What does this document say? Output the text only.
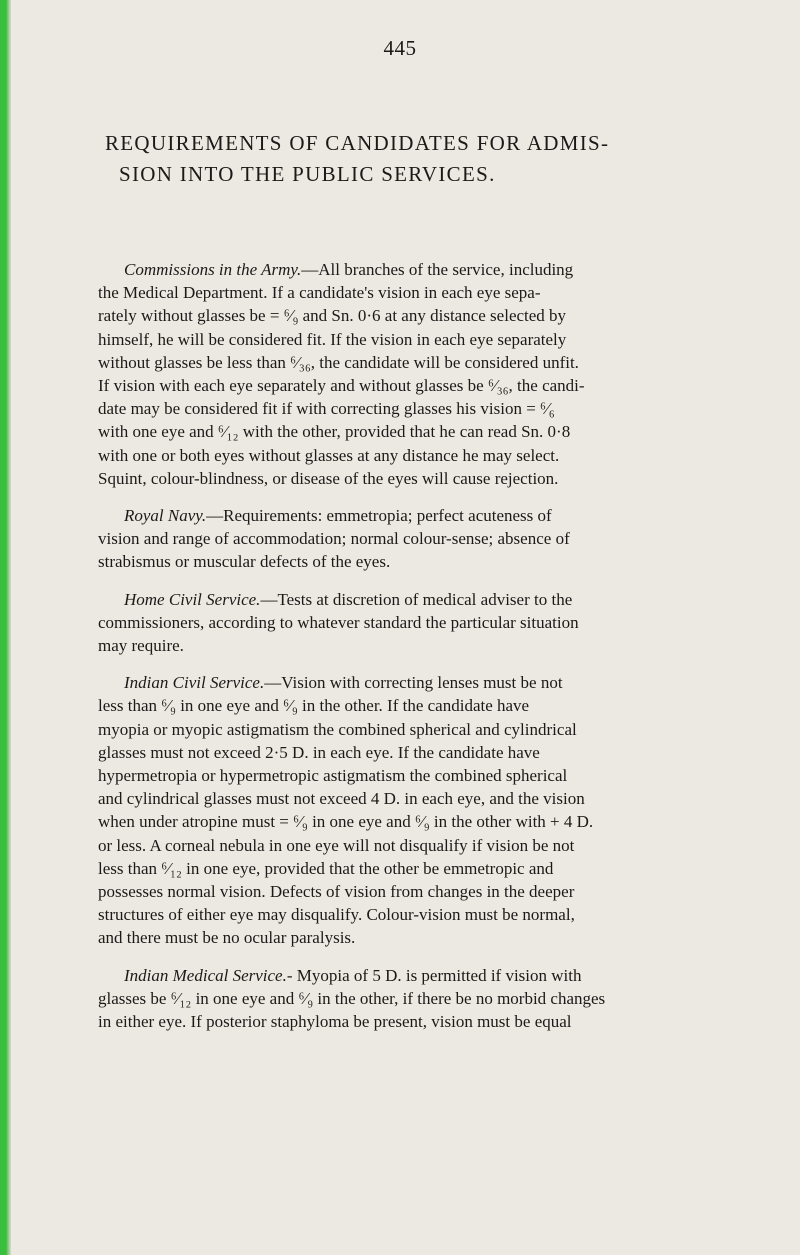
445
REQUIREMENTS OF CANDIDATES FOR ADMIS-
SION INTO THE PUBLIC SERVICES.
Commissions in the Army.—All branches of the service, including
the Medical Department. If a candidate's vision in each eye sepa-
rately without glasses be = ⁶⁄₉ and Sn. 0·6 at any distance selected by
himself, he will be considered fit. If the vision in each eye separately
without glasses be less than ⁶⁄₃₆, the candidate will be considered unfit.
If vision with each eye separately and without glasses be ⁶⁄₃₆, the candi-
date may be considered fit if with correcting glasses his vision = ⁶⁄₆
with one eye and ⁶⁄₁₂ with the other, provided that he can read Sn. 0·8
with one or both eyes without glasses at any distance he may select.
Squint, colour-blindness, or disease of the eyes will cause rejection.
Royal Navy.—Requirements: emmetropia; perfect acuteness of
vision and range of accommodation; normal colour-sense; absence of
strabismus or muscular defects of the eyes.
Home Civil Service.—Tests at discretion of medical adviser to the
commissioners, according to whatever standard the particular situation
may require.
Indian Civil Service.—Vision with correcting lenses must be not
less than ⁶⁄₉ in one eye and ⁶⁄₉ in the other. If the candidate have
myopia or myopic astigmatism the combined spherical and cylindrical
glasses must not exceed 2·5 D. in each eye. If the candidate have
hypermetropia or hypermetropic astigmatism the combined spherical
and cylindrical glasses must not exceed 4 D. in each eye, and the vision
when under atropine must = ⁶⁄₉ in one eye and ⁶⁄₉ in the other with + 4 D.
or less. A corneal nebula in one eye will not disqualify if vision be not
less than ⁶⁄₁₂ in one eye, provided that the other be emmetropic and
possesses normal vision. Defects of vision from changes in the deeper
structures of either eye may disqualify. Colour-vision must be normal,
and there must be no ocular paralysis.
Indian Medical Service.- Myopia of 5 D. is permitted if vision with
glasses be ⁶⁄₁₂ in one eye and ⁶⁄₉ in the other, if there be no morbid changes
in either eye. If posterior staphyloma be present, vision must be equal
